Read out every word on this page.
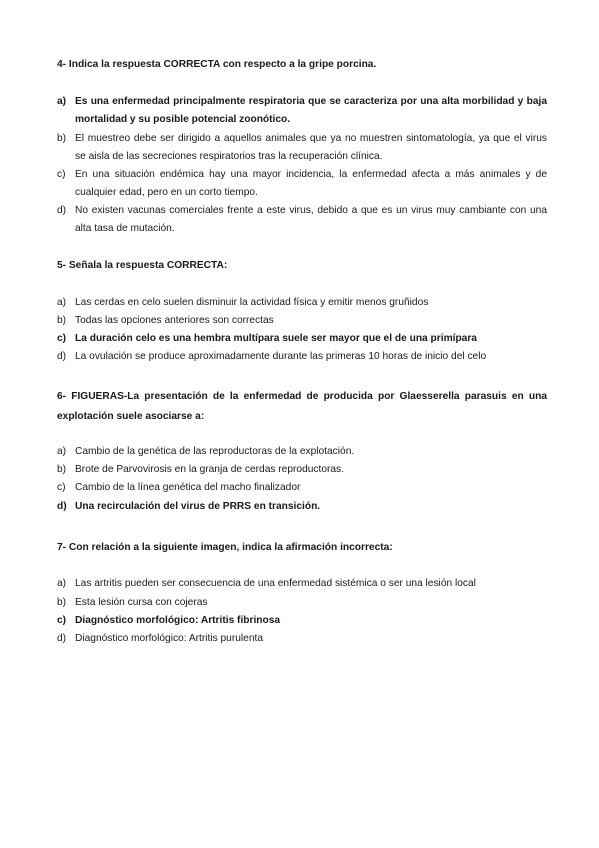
4- Indica la respuesta CORRECTA con respecto a la gripe porcina.
a) Es una enfermedad principalmente respiratoria que se caracteriza por una alta morbilidad y baja mortalidad y su posible potencial zoonótico.
b) El muestreo debe ser dirigido a aquellos animales que ya no muestren sintomatología, ya que el virus se aisla de las secreciones respiratorios tras la recuperación clínica.
c) En una situación endémica hay una mayor incidencia, la enfermedad afecta a más animales y de cualquier edad, pero en un corto tiempo.
d) No existen vacunas comerciales frente a este virus, debido a que es un virus muy cambiante con una alta tasa de mutación.
5- Señala la respuesta CORRECTA:
a) Las cerdas en celo suelen disminuir la actividad física y emitir menos gruñidos
b) Todas las opciones anteriores son correctas
c) La duración celo es una hembra multípara suele ser mayor que el de una primípara
d) La ovulación se produce aproximadamente durante las primeras 10 horas de inicio del celo
6- FIGUERAS-La presentación de la enfermedad de producida por Glaesserella parasuis en una explotación suele asociarse a:
a) Cambio de la genética de las reproductoras de la explotación.
b) Brote de Parvovirosis en la granja de cerdas reproductoras.
c) Cambio de la línea genética del macho finalizador
d) Una recirculación del virus de PRRS en transición.
7- Con relación a la siguiente imagen, indica la afirmación incorrecta:
a) Las artritis pueden ser consecuencia de una enfermedad sistémica o ser una lesión local
b) Esta lesión cursa con cojeras
c) Diagnóstico morfológico: Artritis fibrinosa
d) Diagnóstico morfológico: Artritis purulenta
